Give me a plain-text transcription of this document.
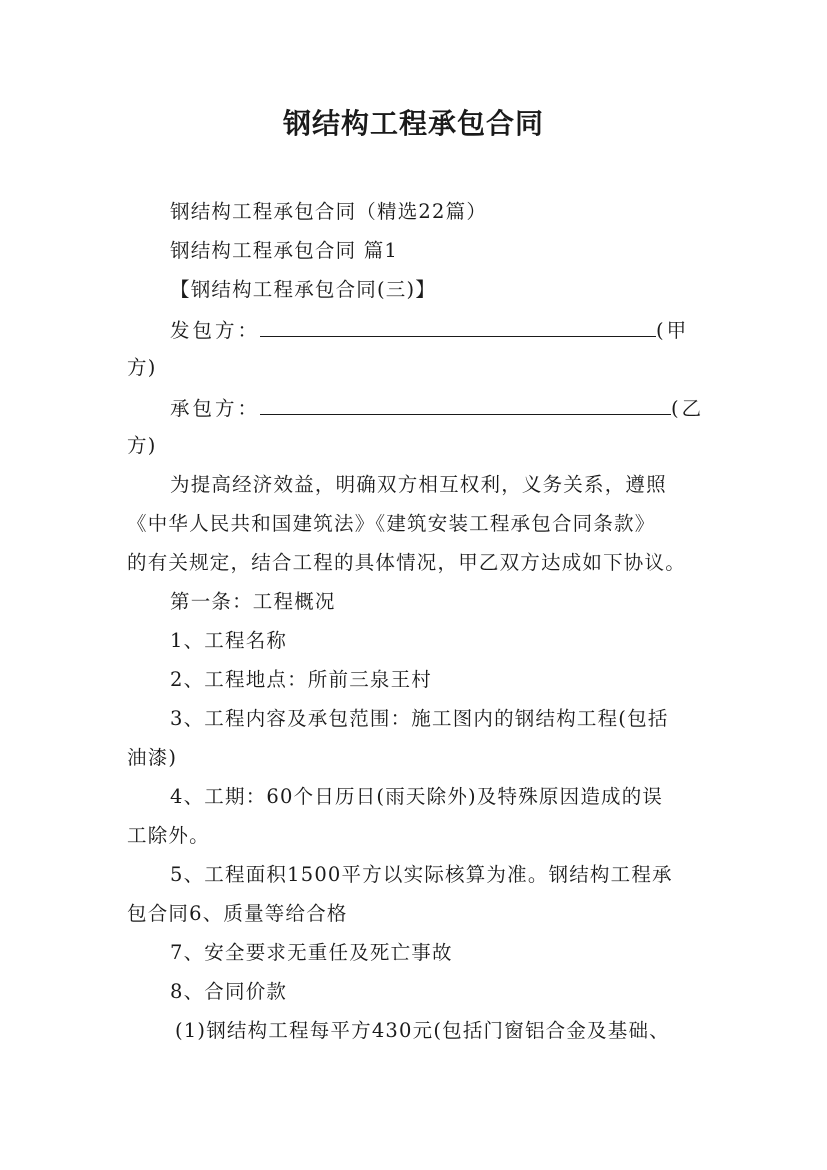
钢结构工程承包合同
钢结构工程承包合同（精选22篇）
钢结构工程承包合同 篇1
【钢结构工程承包合同(三)】
发包方：	(甲
方)
承包方：	(乙
方)
为提高经济效益，明确双方相互权利，义务关系，遵照
《中华人民共和国建筑法》《建筑安装工程承包合同条款》
的有关规定，结合工程的具体情况，甲乙双方达成如下协议。
第一条：工程概况
1、工程名称
2、工程地点：所前三泉王村
3、工程内容及承包范围：施工图内的钢结构工程(包括
油漆)
4、工期：60个日历日(雨天除外)及特殊原因造成的误
工除外。
5、工程面积1500平方以实际核算为准。钢结构工程承
包合同6、质量等给合格
7、安全要求无重任及死亡事故
8、合同价款
(1)钢结构工程每平方430元(包括门窗铝合金及基础、
